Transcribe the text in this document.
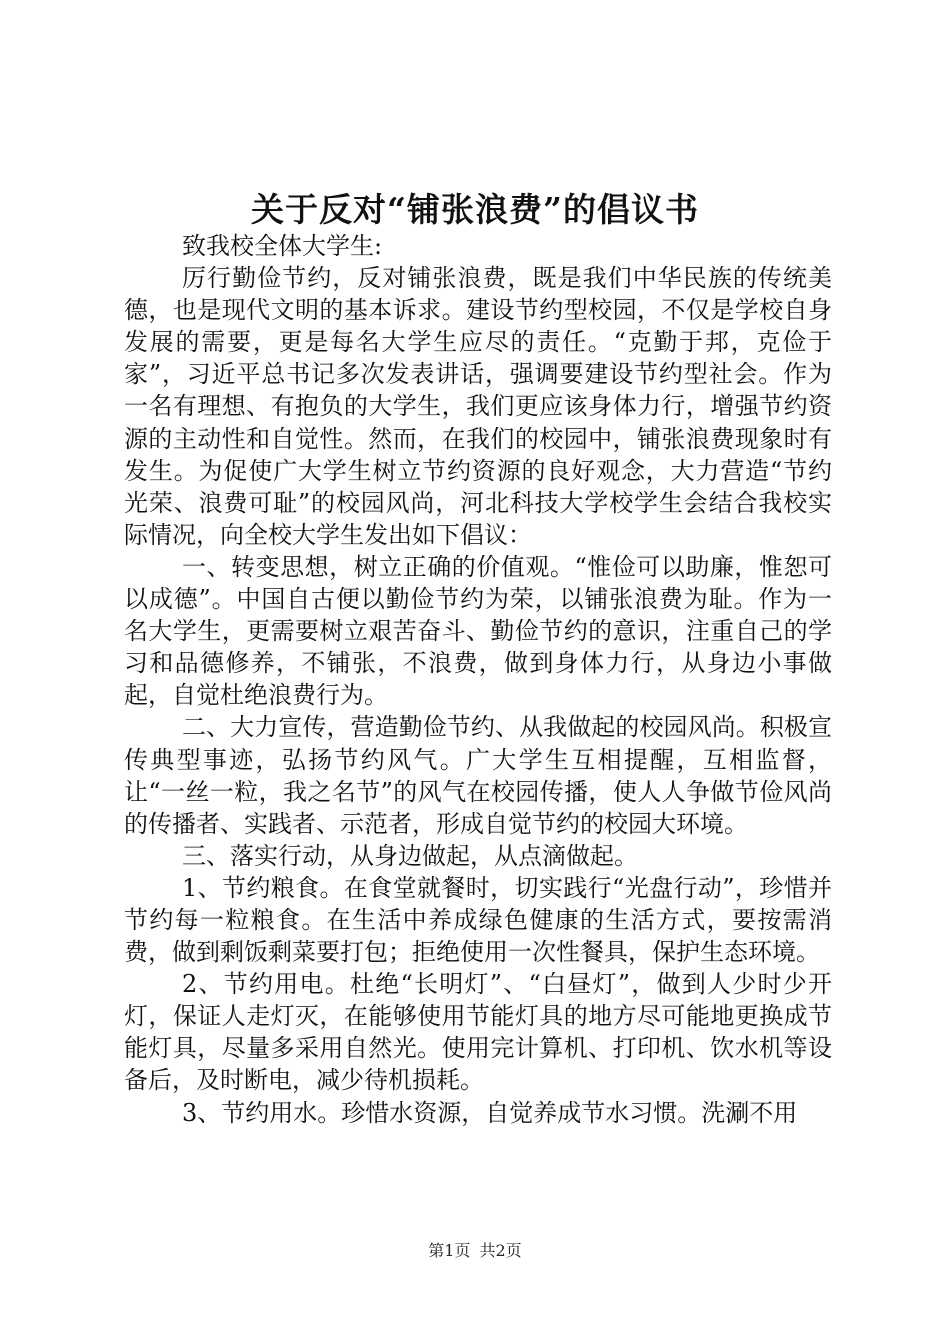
关于反对“铺张浪费”的倡议书

致我校全体大学生:

厉行勤俭节约，反对铺张浪费，既是我们中华民族的传统美德，也是现代文明的基本诉求。建设节约型校园，不仅是学校自身发展的需要，更是每名大学生应尽的责任。“克勤于邦，克俭于家”，习近平总书记多次发表讲话，强调要建设节约型社会。作为一名有理想、有抱负的大学生，我们更应该身体力行，增强节约资源的主动性和自觉性。然而，在我们的校园中，铺张浪费现象时有发生。为促使广大学生树立节约资源的良好观念，大力营造“节约光荣、浪费可耻”的校园风尚，河北科技大学校学生会结合我校实际情况，向全校大学生发出如下倡议：

一、转变思想，树立正确的价值观。“惟俭可以助廉，惟恕可以成德”。中国自古便以勤俭节约为荣，以铺张浪费为耻。作为一名大学生，更需要树立艰苦奋斗、勤俭节约的意识，注重自己的学习和品德修养，不铺张，不浪费，做到身体力行，从身边小事做起，自觉杜绝浪费行为。

二、大力宣传，营造勤俭节约、从我做起的校园风尚。积极宣传典型事迹，弘扬节约风气。广大学生互相提醒，互相监督，让“一丝一粒，我之名节”的风气在校园传播，使人人争做节俭风尚的传播者、实践者、示范者，形成自觉节约的校园大环境。

三、落实行动，从身边做起，从点滴做起。

1、节约粮食。在食堂就餐时，切实践行“光盘行动”，珍惜并节约每一粒粮食。在生活中养成绿色健康的生活方式，要按需消费，做到剩饭剩菜要打包；拒绝使用一次性餐具，保护生态环境。

2、节约用电。杜绝“长明灯”、“白昼灯”，做到人少时少开灯，保证人走灯灭，在能够使用节能灯具的地方尽可能地更换成节能灯具，尽量多采用自然光。使用完计算机、打印机、饮水机等设备后，及时断电，减少待机损耗。

3、节约用水。珍惜水资源，自觉养成节水习惯。洗涮不用

第1页 共2页
